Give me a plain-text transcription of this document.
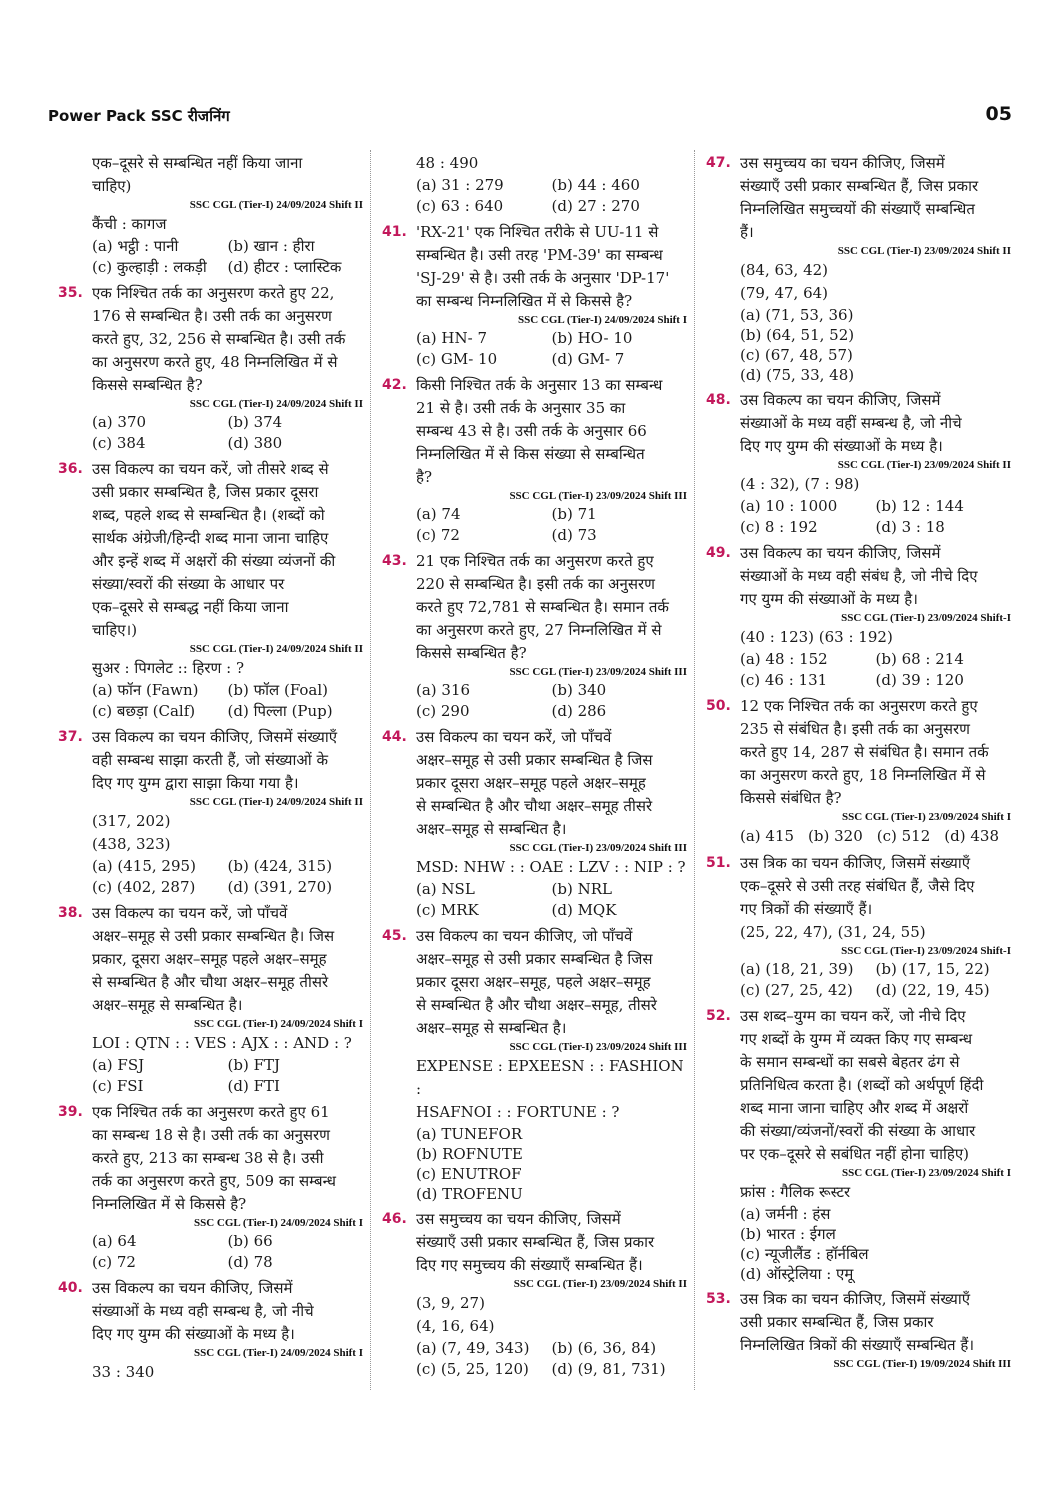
Power Pack SSC रीजनिंग	05
एक–दूसरे से सम्बन्धित नहीं किया जाना
चाहिए)
SSC CGL (Tier-I) 24/09/2024 Shift II
कैंची : कागज
(a) भट्ठी : पानी	(b) खान : हीरा
(c) कुल्हाड़ी : लकड़ी	(d) हीटर : प्लास्टिक
35. एक निश्चित तर्क का अनुसरण करते हुए 22,
176 से सम्बन्धित है। उसी तर्क का अनुसरण
करते हुए, 32, 256 से सम्बन्धित है। उसी तर्क
का अनुसरण करते हुए, 48 निम्नलिखित में से
किससे सम्बन्धित है?
SSC CGL (Tier-I) 24/09/2024 Shift II
(a) 370	(b) 374
(c) 384	(d) 380
36. उस विकल्प का चयन करें, जो तीसरे शब्द से
उसी प्रकार सम्बन्धित है, जिस प्रकार दूसरा
शब्द, पहले शब्द से सम्बन्धित है। (शब्दों को
सार्थक अंग्रेजी/हिन्दी शब्द माना जाना चाहिए
और इन्हें शब्द में अक्षरों की संख्या व्यंजनों की
संख्या/स्वरों की संख्या के आधार पर
एक–दूसरे से सम्बद्ध नहीं किया जाना
चाहिए।)
SSC CGL (Tier-I) 24/09/2024 Shift II
सुअर : पिगलेट :: हिरण : ?
(a) फॉन (Fawn)	(b) फॉल (Foal)
(c) बछड़ा (Calf)	(d) पिल्ला (Pup)
37. उस विकल्प का चयन कीजिए, जिसमें संख्याएँ
वही सम्बन्ध साझा करती हैं, जो संख्याओं के
दिए गए युग्म द्वारा साझा किया गया है।
SSC CGL (Tier-I) 24/09/2024 Shift II
(317, 202)
(438, 323)
(a) (415, 295)	(b) (424, 315)
(c) (402, 287)	(d) (391, 270)
38. उस विकल्प का चयन करें, जो पाँचवें
अक्षर–समूह से उसी प्रकार सम्बन्धित है। जिस
प्रकार, दूसरा अक्षर–समूह पहले अक्षर–समूह
से सम्बन्धित है और चौथा अक्षर–समूह तीसरे
अक्षर–समूह से सम्बन्धित है।
SSC CGL (Tier-I) 24/09/2024 Shift I
LOI : QTN : : VES : AJX : : AND : ?
(a) FSJ	(b) FTJ
(c) FSI	(d) FTI
39. एक निश्चित तर्क का अनुसरण करते हुए 61
का सम्बन्ध 18 से है। उसी तर्क का अनुसरण
करते हुए, 213 का सम्बन्ध 38 से है। उसी
तर्क का अनुसरण करते हुए, 509 का सम्बन्ध
निम्नलिखित में से किससे है?
SSC CGL (Tier-I) 24/09/2024 Shift I
(a) 64	(b) 66
(c) 72	(d) 78
40. उस विकल्प का चयन कीजिए, जिसमें
संख्याओं के मध्य वही सम्बन्ध है, जो नीचे
दिए गए युग्म की संख्याओं के मध्य है।
SSC CGL (Tier-I) 24/09/2024 Shift I
33 : 340
48 : 490
(a) 31 : 279	(b) 44 : 460
(c) 63 : 640	(d) 27 : 270
41. 'RX-21' एक निश्चित तरीके से UU-11 से
सम्बन्धित है। उसी तरह 'PM-39' का सम्बन्ध
'SJ-29' से है। उसी तर्क के अनुसार 'DP-17'
का सम्बन्ध निम्नलिखित में से किससे है?
SSC CGL (Tier-I) 24/09/2024 Shift I
(a) HN- 7	(b) HO- 10
(c) GM- 10	(d) GM- 7
42. किसी निश्चित तर्क के अनुसार 13 का सम्बन्ध
21 से है। उसी तर्क के अनुसार 35 का
सम्बन्ध 43 से है। उसी तर्क के अनुसार 66
निम्नलिखित में से किस संख्या से सम्बन्धित
है?
SSC CGL (Tier-I) 23/09/2024 Shift III
(a) 74	(b) 71
(c) 72	(d) 73
43. 21 एक निश्चित तर्क का अनुसरण करते हुए
220 से सम्बन्धित है। इसी तर्क का अनुसरण
करते हुए 72,781 से सम्बन्धित है। समान तर्क
का अनुसरण करते हुए, 27 निम्नलिखित में से
किससे सम्बन्धित है?
SSC CGL (Tier-I) 23/09/2024 Shift III
(a) 316	(b) 340
(c) 290	(d) 286
44. उस विकल्प का चयन करें, जो पाँचवें
अक्षर–समूह से उसी प्रकार सम्बन्धित है जिस
प्रकार दूसरा अक्षर–समूह पहले अक्षर–समूह
से सम्बन्धित है और चौथा अक्षर–समूह तीसरे
अक्षर–समूह से सम्बन्धित है।
SSC CGL (Tier-I) 23/09/2024 Shift III
MSD: NHW : : OAE : LZV : : NIP : ?
(a) NSL	(b) NRL
(c) MRK	(d) MQK
45. उस विकल्प का चयन कीजिए, जो पाँचवें
अक्षर–समूह से उसी प्रकार सम्बन्धित है जिस
प्रकार दूसरा अक्षर–समूह, पहले अक्षर–समूह
से सम्बन्धित है और चौथा अक्षर–समूह, तीसरे
अक्षर–समूह से सम्बन्धित है।
SSC CGL (Tier-I) 23/09/2024 Shift III
EXPENSE : EPXEESN : : FASHION :
HSAFNOI : : FORTUNE : ?
(a) TUNEFOR
(b) ROFNUTE
(c) ENUTROF
(d) TROFENU
46. उस समुच्चय का चयन कीजिए, जिसमें
संख्याएँ उसी प्रकार सम्बन्धित हैं, जिस प्रकार
दिए गए समुच्चय की संख्याएँ सम्बन्धित हैं।
SSC CGL (Tier-I) 23/09/2024 Shift II
(3, 9, 27)
(4, 16, 64)
(a) (7, 49, 343)	(b) (6, 36, 84)
(c) (5, 25, 120)	(d) (9, 81, 731)
47. उस समुच्चय का चयन कीजिए, जिसमें
संख्याएँ उसी प्रकार सम्बन्धित हैं, जिस प्रकार
निम्नलिखित समुच्चयों की संख्याएँ सम्बन्धित
हैं।
SSC CGL (Tier-I) 23/09/2024 Shift II
(84, 63, 42)
(79, 47, 64)
(a) (71, 53, 36)
(b) (64, 51, 52)
(c) (67, 48, 57)
(d) (75, 33, 48)
48. उस विकल्प का चयन कीजिए, जिसमें
संख्याओं के मध्य वहीं सम्बन्ध है, जो नीचे
दिए गए युग्म की संख्याओं के मध्य है।
SSC CGL (Tier-I) 23/09/2024 Shift II
(4 : 32), (7 : 98)
(a) 10 : 1000	(b) 12 : 144
(c) 8 : 192	(d) 3 : 18
49. उस विकल्प का चयन कीजिए, जिसमें
संख्याओं के मध्य वही संबंध है, जो नीचे दिए
गए युग्म की संख्याओं के मध्य है।
SSC CGL (Tier-I) 23/09/2024 Shift-I
(40 : 123) (63 : 192)
(a) 48 : 152	(b) 68 : 214
(c) 46 : 131	(d) 39 : 120
50. 12 एक निश्चित तर्क का अनुसरण करते हुए
235 से संबंधित है। इसी तर्क का अनुसरण
करते हुए 14, 287 से संबंधित है। समान तर्क
का अनुसरण करते हुए, 18 निम्नलिखित में से
किससे संबंधित है?
SSC CGL (Tier-I) 23/09/2024 Shift I
(a) 415 (b) 320 (c) 512 (d) 438
51. उस त्रिक का चयन कीजिए, जिसमें संख्याएँ
एक–दूसरे से उसी तरह संबंधित हैं, जैसे दिए
गए त्रिकों की संख्याएँ हैं।
(25, 22, 47), (31, 24, 55)
SSC CGL (Tier-I) 23/09/2024 Shift-I
(a) (18, 21, 39)	(b) (17, 15, 22)
(c) (27, 25, 42)	(d) (22, 19, 45)
52. उस शब्द–युग्म का चयन करें, जो नीचे दिए
गए शब्दों के युग्म में व्यक्त किए गए सम्बन्ध
के समान सम्बन्धों का सबसे बेहतर ढंग से
प्रतिनिधित्व करता है। (शब्दों को अर्थपूर्ण हिंदी
शब्द माना जाना चाहिए और शब्द में अक्षरों
की संख्या/व्यंजनों/स्वरों की संख्या के आधार
पर एक–दूसरे से सबंधित नहीं होना चाहिए)
SSC CGL (Tier-I) 23/09/2024 Shift I
फ्रांस : गैलिक रूस्टर
(a) जर्मनी : हंस
(b) भारत : ईगल
(c) न्यूजीलैंड : हॉर्नबिल
(d) ऑस्ट्रेलिया : एमू
53. उस त्रिक का चयन कीजिए, जिसमें संख्याएँ
उसी प्रकार सम्बन्धित हैं, जिस प्रकार
निम्नलिखित त्रिकों की संख्याएँ सम्बन्धित हैं।
SSC CGL (Tier-I) 19/09/2024 Shift III
